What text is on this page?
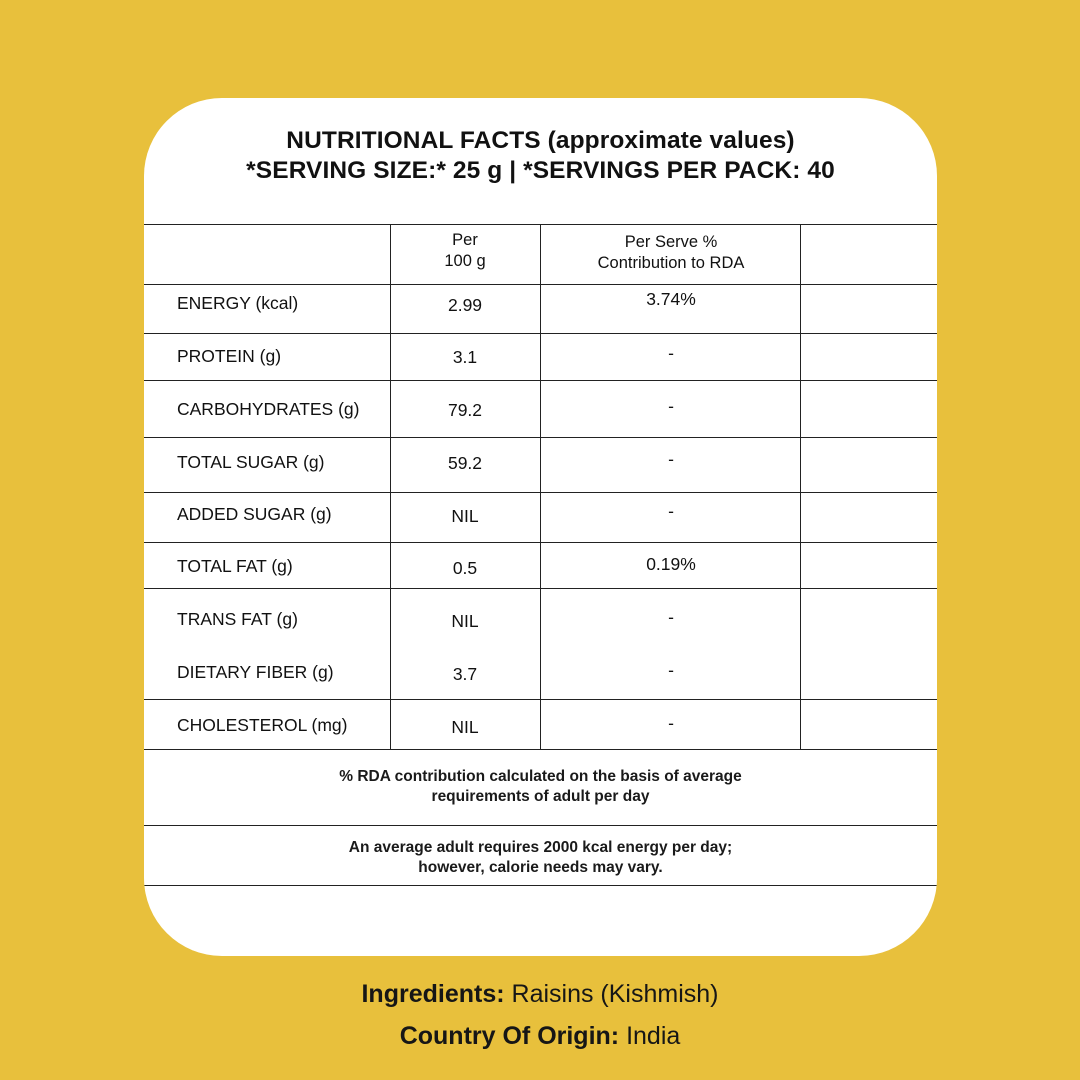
NUTRITIONAL FACTS (approximate values)
*SERVING SIZE:* 25 g | *SERVINGS PER PACK: 40
Per
100 g
Per Serve %
Contribution to RDA
ENERGY (kcal)	2.99	3.74%
PROTEIN (g)	3.1	-
CARBOHYDRATES (g)	79.2	-
TOTAL SUGAR (g)	59.2	-
ADDED SUGAR (g)	NIL	-
TOTAL FAT (g)	0.5	0.19%
TRANS FAT (g)	NIL	-
DIETARY FIBER (g)	3.7	-
CHOLESTEROL (mg)	NIL	-
% RDA contribution calculated on the basis of average
requirements of adult per day
An average adult requires 2000 kcal energy per day;
however, calorie needs may vary.
Ingredients: Raisins (Kishmish)
Country Of Origin: India
